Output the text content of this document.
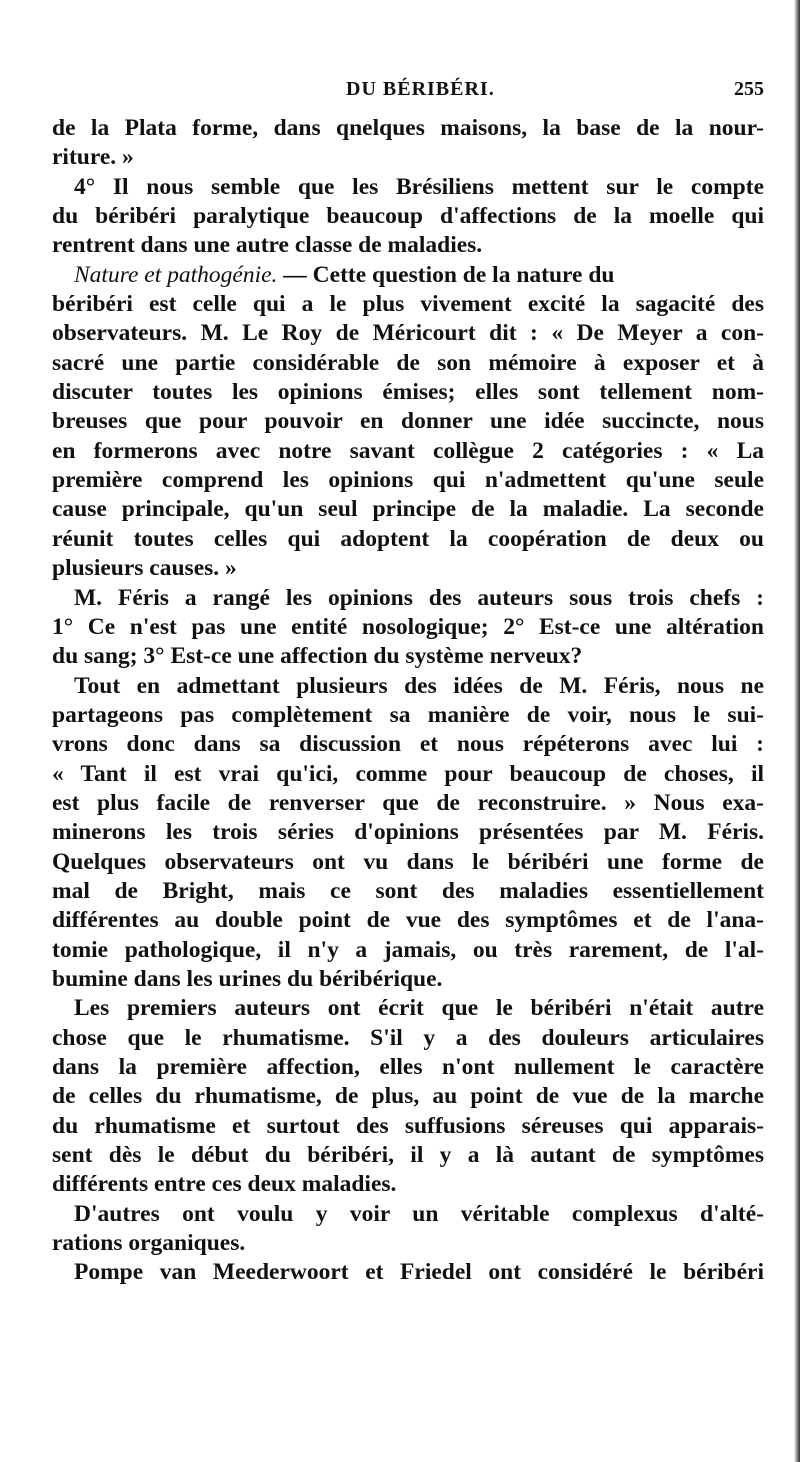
DU BÉRIBÉRI.	255
de la Plata forme, dans qnelques maisons, la base de la nour-
riture. »
4° Il nous semble que les Brésiliens mettent sur le compte
du béribéri paralytique beaucoup d'affections de la moelle qui
rentrent dans une autre classe de maladies.
Nature et pathogénie. — Cette question de la nature du
béribéri est celle qui a le plus vivement excité la sagacité des
observateurs. M. Le Roy de Méricourt dit : « De Meyer a con-
sacré une partie considérable de son mémoire à exposer et à
discuter toutes les opinions émises; elles sont tellement nom-
breuses que pour pouvoir en donner une idée succincte, nous
en formerons avec notre savant collègue 2 catégories : « La
première comprend les opinions qui n'admettent qu'une seule
cause principale, qu'un seul principe de la maladie. La seconde
réunit toutes celles qui adoptent la coopération de deux ou
plusieurs causes. »
M. Féris a rangé les opinions des auteurs sous trois chefs :
1° Ce n'est pas une entité nosologique; 2° Est-ce une altération
du sang; 3° Est-ce une affection du système nerveux?
Tout en admettant plusieurs des idées de M. Féris, nous ne
partageons pas complètement sa manière de voir, nous le sui-
vrons donc dans sa discussion et nous répéterons avec lui :
« Tant il est vrai qu'ici, comme pour beaucoup de choses, il
est plus facile de renverser que de reconstruire. » Nous exa-
minerons les trois séries d'opinions présentées par M. Féris.
Quelques observateurs ont vu dans le béribéri une forme de
mal de Bright, mais ce sont des maladies essentiellement
différentes au double point de vue des symptômes et de l'ana-
tomie pathologique, il n'y a jamais, ou très rarement, de l'al-
bumine dans les urines du béribérique.
Les premiers auteurs ont écrit que le béribéri n'était autre
chose que le rhumatisme. S'il y a des douleurs articulaires
dans la première affection, elles n'ont nullement le caractère
de celles du rhumatisme, de plus, au point de vue de la marche
du rhumatisme et surtout des suffusions séreuses qui apparais-
sent dès le début du béribéri, il y a là autant de symptômes
différents entre ces deux maladies.
D'autres ont voulu y voir un véritable complexus d'alté-
rations organiques.
Pompe van Meederwoort et Friedel ont considéré le béribéri
